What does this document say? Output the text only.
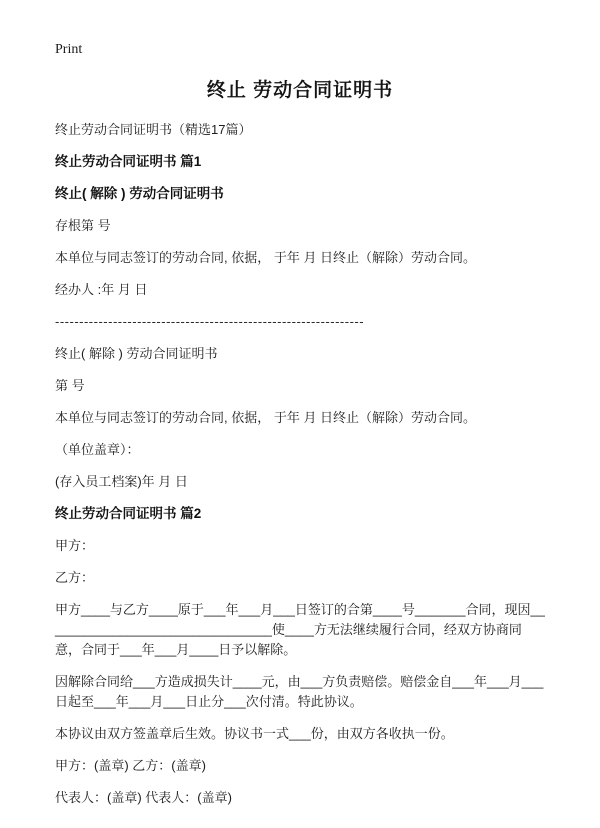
Print
终止 劳动合同证明书

终止劳动合同证明书（精选17篇）

终止劳动合同证明书 篇1
终止( 解除 ) 劳动合同证明书

存根第 号

本单位与同志签订的劳动合同, 依据， 于年 月 日终止（解除）劳动合同。

经办人 :年 月 日

----------------------------------------------------------------

终止( 解除 ) 劳动合同证明书

第 号

本单位与同志签订的劳动合同, 依据， 于年 月 日终止（解除）劳动合同。

（单位盖章）：

(存入员工档案)年 月 日

终止劳动合同证明书 篇2

甲方：

乙方：

甲方____与乙方____原于___年___月___日签订的合第____号_______合同，现因________________________________使____方无法继续履行合同，经双方协商同意，合同于___年___月____日予以解除。

因解除合同给___方造成损失计____元，由___方负责赔偿。赔偿金自___年___月___日起至___年___月___日止分___次付清。特此协议。

本协议由双方签盖章后生效。协议书一式___份，由双方各收执一份。

甲方：(盖章) 乙方：(盖章)

代表人：(盖章) 代表人：(盖章)
